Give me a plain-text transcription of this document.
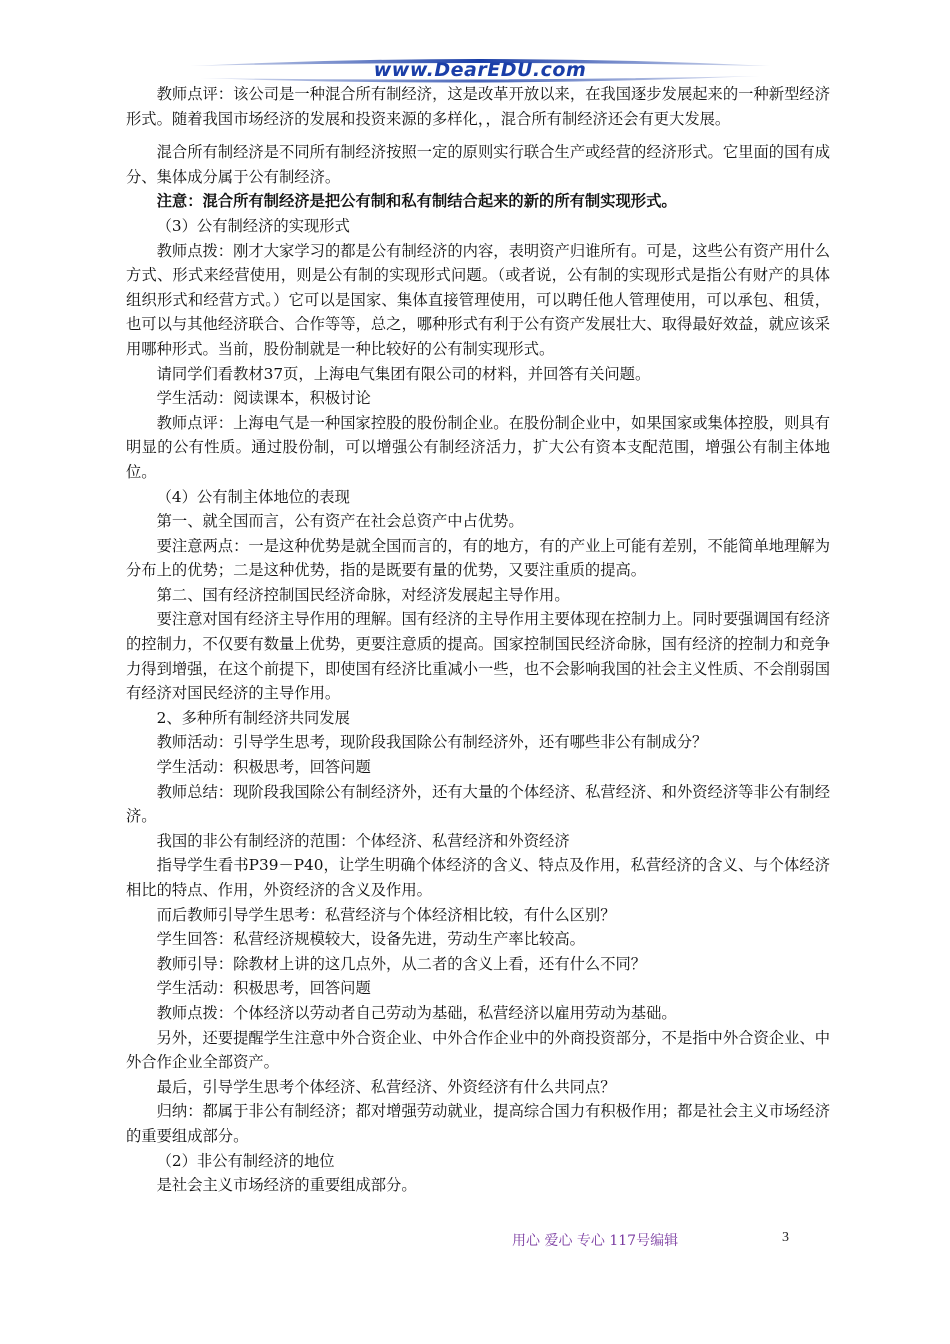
www.DearEDU.com

教师点评：该公司是一种混合所有制经济，这是改革开放以来，在我国逐步发展起来的一种新型经济形式。随着我国市场经济的发展和投资来源的多样化，，混合所有制经济还会有更大发展。

混合所有制经济是不同所有制经济按照一定的原则实行联合生产或经营的经济形式。它里面的国有成分、集体成分属于公有制经济。

注意：混合所有制经济是把公有制和私有制结合起来的新的所有制实现形式。

（3）公有制经济的实现形式

教师点拨：刚才大家学习的都是公有制经济的内容，表明资产归谁所有。可是，这些公有资产用什么方式、形式来经营使用，则是公有制的实现形式问题。（或者说，公有制的实现形式是指公有财产的具体组织形式和经营方式。）它可以是国家、集体直接管理使用，可以聘任他人管理使用，可以承包、租赁，也可以与其他经济联合、合作等等，总之，哪种形式有利于公有资产发展壮大、取得最好效益，就应该采用哪种形式。当前，股份制就是一种比较好的公有制实现形式。

请同学们看教材37页，上海电气集团有限公司的材料，并回答有关问题。

学生活动：阅读课本，积极讨论

教师点评：上海电气是一种国家控股的股份制企业。在股份制企业中，如果国家或集体控股，则具有明显的公有性质。通过股份制，可以增强公有制经济活力，扩大公有资本支配范围，增强公有制主体地位。

（4）公有制主体地位的表现

第一、就全国而言，公有资产在社会总资产中占优势。

要注意两点：一是这种优势是就全国而言的，有的地方，有的产业上可能有差别，不能简单地理解为分布上的优势；二是这种优势，指的是既要有量的优势，又要注重质的提高。

第二、国有经济控制国民经济命脉，对经济发展起主导作用。

要注意对国有经济主导作用的理解。国有经济的主导作用主要体现在控制力上。同时要强调国有经济的控制力，不仅要有数量上优势，更要注意质的提高。国家控制国民经济命脉，国有经济的控制力和竞争力得到增强，在这个前提下，即使国有经济比重减小一些，也不会影响我国的社会主义性质、不会削弱国有经济对国民经济的主导作用。

2、多种所有制经济共同发展

教师活动：引导学生思考，现阶段我国除公有制经济外，还有哪些非公有制成分？

学生活动：积极思考，回答问题

教师总结：现阶段我国除公有制经济外，还有大量的个体经济、私营经济、和外资经济等非公有制经济。

我国的非公有制经济的范围：个体经济、私营经济和外资经济

指导学生看书P39－P40，让学生明确个体经济的含义、特点及作用，私营经济的含义、与个体经济相比的特点、作用，外资经济的含义及作用。

而后教师引导学生思考：私营经济与个体经济相比较，有什么区别？

学生回答：私营经济规模较大，设备先进，劳动生产率比较高。

教师引导：除教材上讲的这几点外，从二者的含义上看，还有什么不同？

学生活动：积极思考，回答问题

教师点拨：个体经济以劳动者自己劳动为基础，私营经济以雇用劳动为基础。

另外，还要提醒学生注意中外合资企业、中外合作企业中的外商投资部分，不是指中外合资企业、中外合作企业全部资产。

最后，引导学生思考个体经济、私营经济、外资经济有什么共同点？

归纳：都属于非公有制经济；都对增强劳动就业，提高综合国力有积极作用；都是社会主义市场经济的重要组成部分。

（2）非公有制经济的地位

是社会主义市场经济的重要组成部分。

用心 爱心 专心 117号编辑	3
